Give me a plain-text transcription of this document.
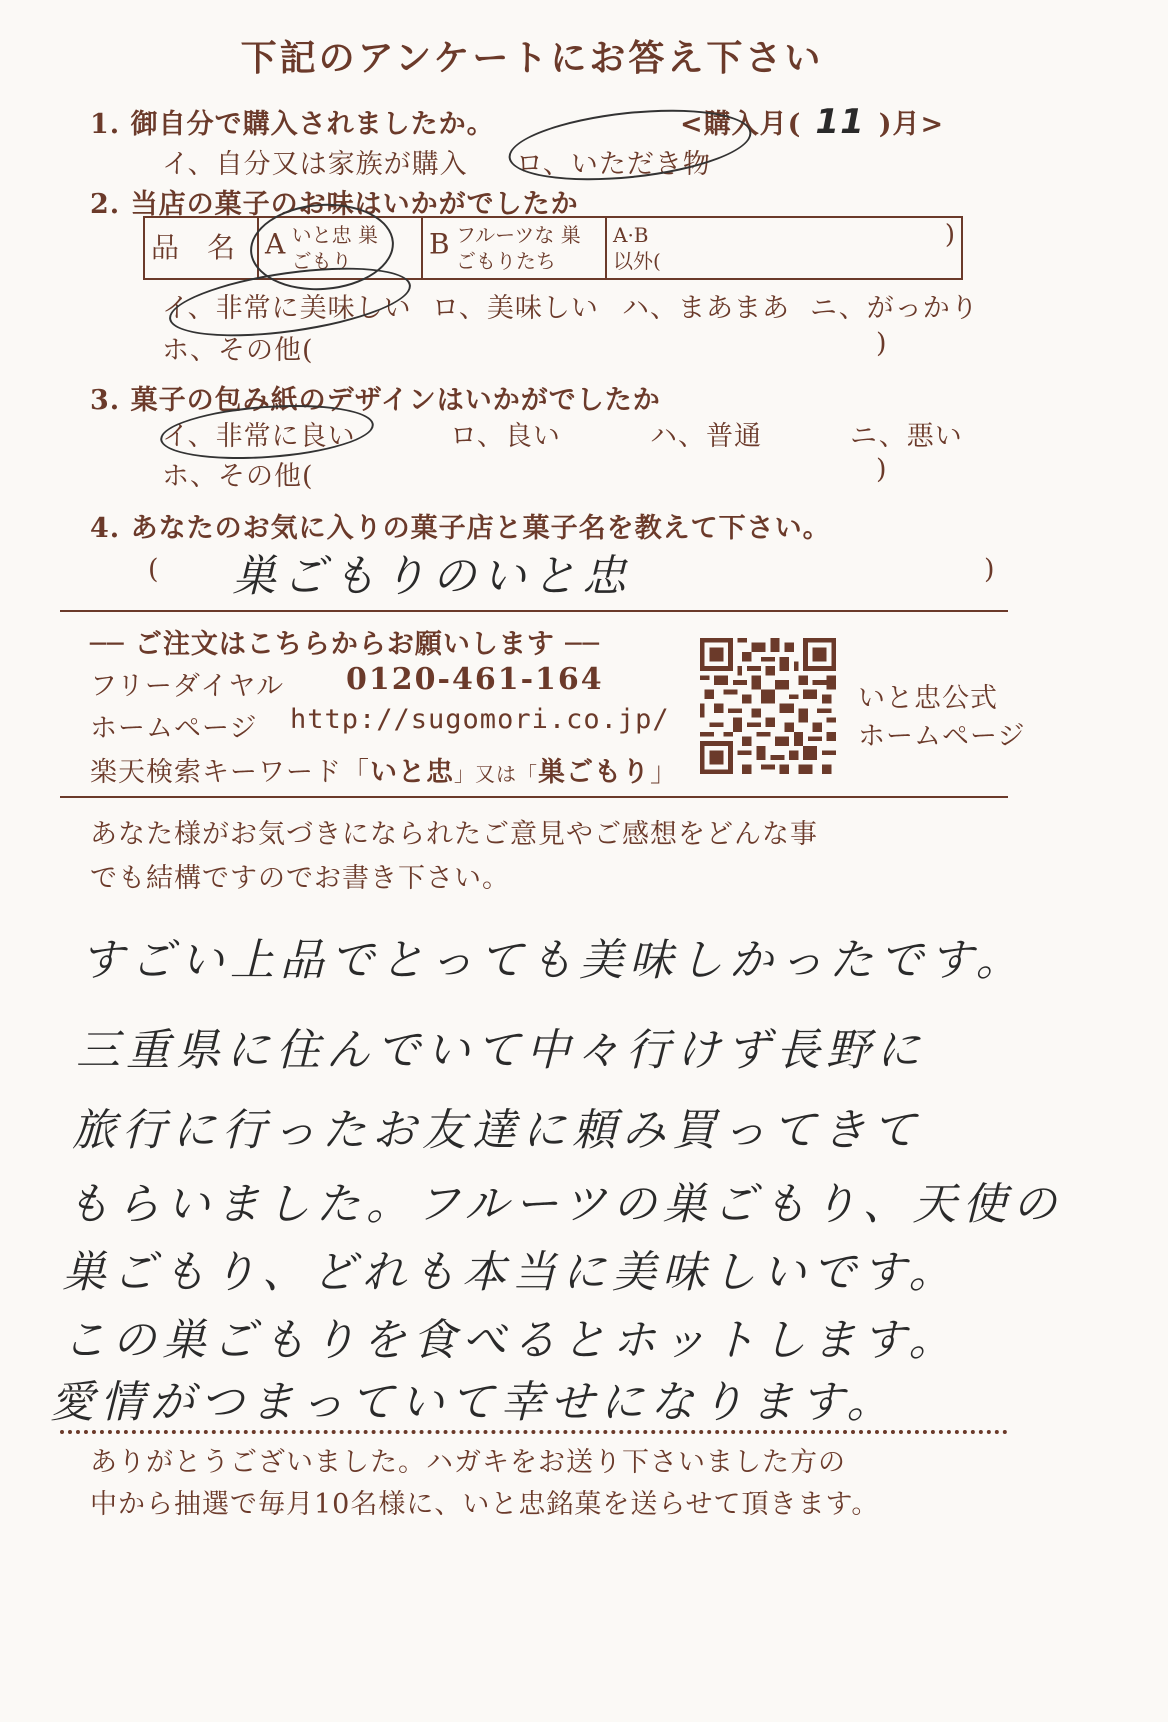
下記のアンケートにお答え下さい
1. 御自分で購入されましたか。	<購入月( 11 )月>
イ、自分又は家族が購入 ロ、いただき物
2. 当店の菓子のお味はいかがでしたか
品　名	A いと忠 巣ごもり	B フルーツな 巣ごもりたち	A·B 以外(
)
イ、非常に美味しい ロ、美味しい ハ、まあまあ ニ、がっかり
ホ、その他(	)
3. 菓子の包み紙のデザインはいかがでしたか
イ、非常に良い	ロ、良い	ハ、普通	ニ、悪い
ホ、その他(	)
4. あなたのお気に入りの菓子店と菓子名を教えて下さい。
( 巣ごもりのいと忠	)
── ご注文はこちらからお願いします ──
フリーダイヤル 0120-461-164
ホームページ http://sugomori.co.jp/
楽天検索キーワード「いと忠」又は「巣ごもり」
いと忠公式
ホームページ
あなた様がお気づきになられたご意見やご感想をどんな事
でも結構ですのでお書き下さい。
すごい上品でとっても美味しかったです。
三重県に住んでいて中々行けず長野に
旅行に行ったお友達に頼み買ってきて
もらいました。フルーツの巣ごもり、天使の
巣ごもり、どれも本当に美味しいです。
この巣ごもりを食べるとホットします。
愛情がつまっていて幸せになります。
ありがとうございました。ハガキをお送り下さいました方の
中から抽選で毎月10名様に、いと忠銘菓を送らせて頂きます。
